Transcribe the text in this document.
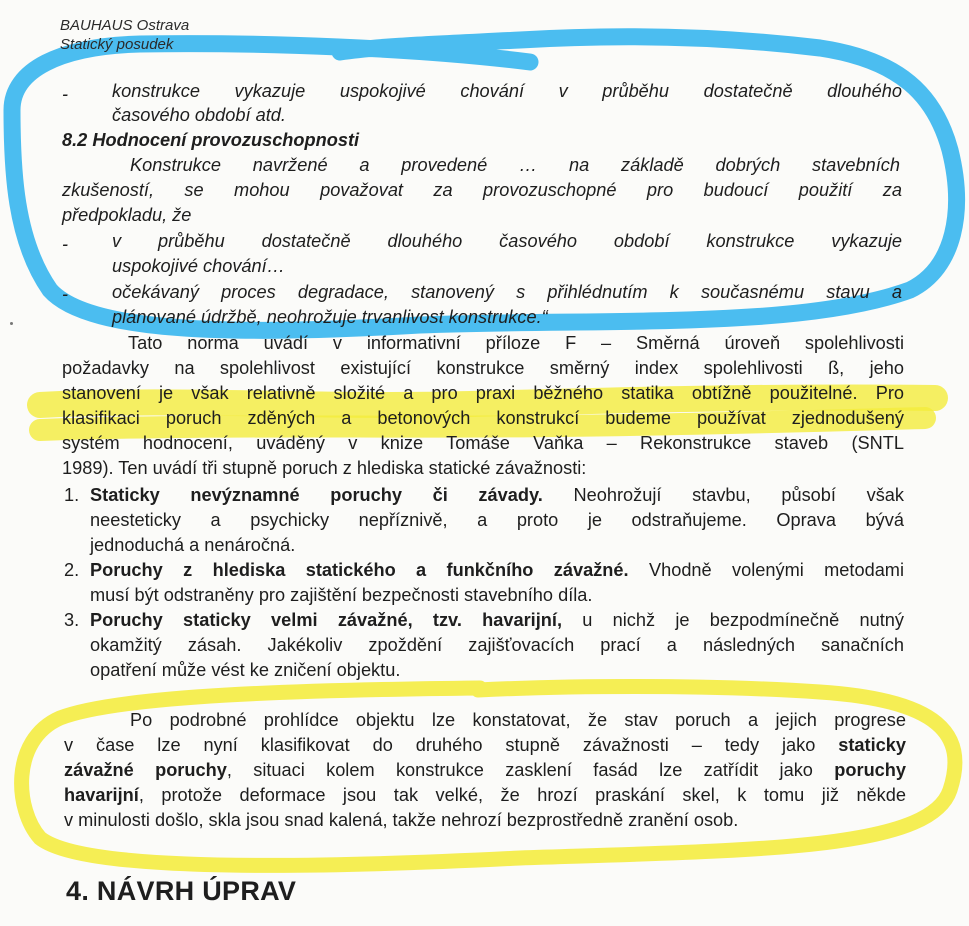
BAUHAUS Ostrava
Statický posudek
- konstrukce vykazuje uspokojivé chování v průběhu dostatečně dlouhého
časového období atd.
8.2 Hodnocení provozuschopnosti
Konstrukce navržené a provedené … na základě dobrých stavebních
zkušeností, se mohou považovat za provozuschopné pro budoucí použití za
předpokladu, že
- v průběhu dostatečně dlouhého časového období konstrukce vykazuje
uspokojivé chování…
- očekávaný proces degradace, stanovený s přihlédnutím k současnému stavu a
plánované údržbě, neohrožuje trvanlivost konstrukce.“
Tato norma uvádí v informativní příloze F – Směrná úroveň spolehlivosti
požadavky na spolehlivost existující konstrukce směrný index spolehlivosti ß, jeho
stanovení je však relativně složité a pro praxi běžného statika obtížně použitelné. Pro
klasifikaci poruch zděných a betonových konstrukcí budeme používat zjednodušený
systém hodnocení, uváděný v knize Tomáše Vaňka – Rekonstrukce staveb (SNTL
1989). Ten uvádí tři stupně poruch z hlediska statické závažnosti:
1. Staticky nevýznamné poruchy či závady. Neohrožují stavbu, působí však
neesteticky a psychicky nepříznivě, a proto je odstraňujeme. Oprava bývá
jednoduchá a nenáročná.
2. Poruchy z hlediska statického a funkčního závažné. Vhodně volenými metodami
musí být odstraněny pro zajištění bezpečnosti stavebního díla.
3. Poruchy staticky velmi závažné, tzv. havarijní, u nichž je bezpodmínečně nutný
okamžitý zásah. Jakékoliv zpoždění zajišťovacích prací a následných sanačních
opatření může vést ke zničení objektu.
Po podrobné prohlídce objektu lze konstatovat, že stav poruch a jejich progrese
v čase lze nyní klasifikovat do druhého stupně závažnosti – tedy jako staticky
závažné poruchy, situaci kolem konstrukce zasklení fasád lze zatřídit jako poruchy
havarijní, protože deformace jsou tak velké, že hrozí praskání skel, k tomu již někde
v minulosti došlo, skla jsou snad kalená, takže nehrozí bezprostředně zranění osob.
4. NÁVRH ÚPRAV
